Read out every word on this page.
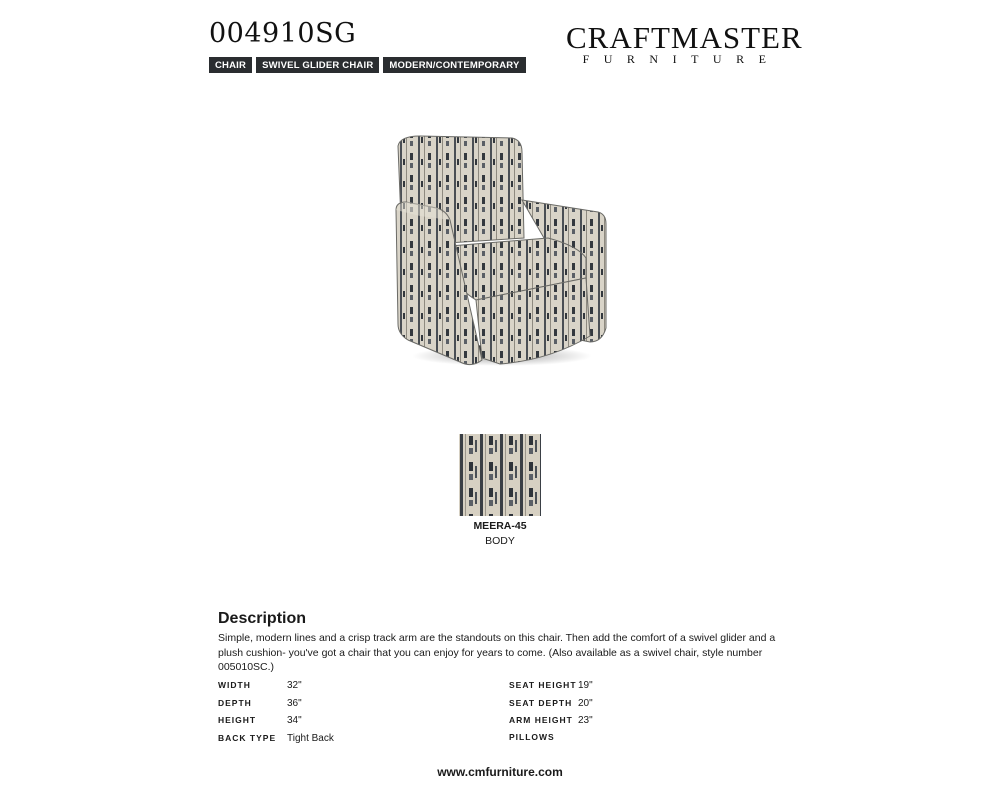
004910SG
CHAIR	SWIVEL GLIDER CHAIR	MODERN/CONTEMPORARY
CRAFTMASTER
FURNITURE
MEERA-45
BODY
Description
Simple, modern lines and a crisp track arm are the standouts on this chair. Then add the comfort of a swivel glider and a plush cushion- you've got a chair that you can enjoy for years to come. (Also available as a swivel chair, style number 005010SC.)
WIDTH	32"
DEPTH	36"
HEIGHT	34"
BACK TYPE Tight Back
SEAT HEIGHT 19"
SEAT DEPTH 20"
ARM HEIGHT 23"
PILLOWS
www.cmfurniture.com
